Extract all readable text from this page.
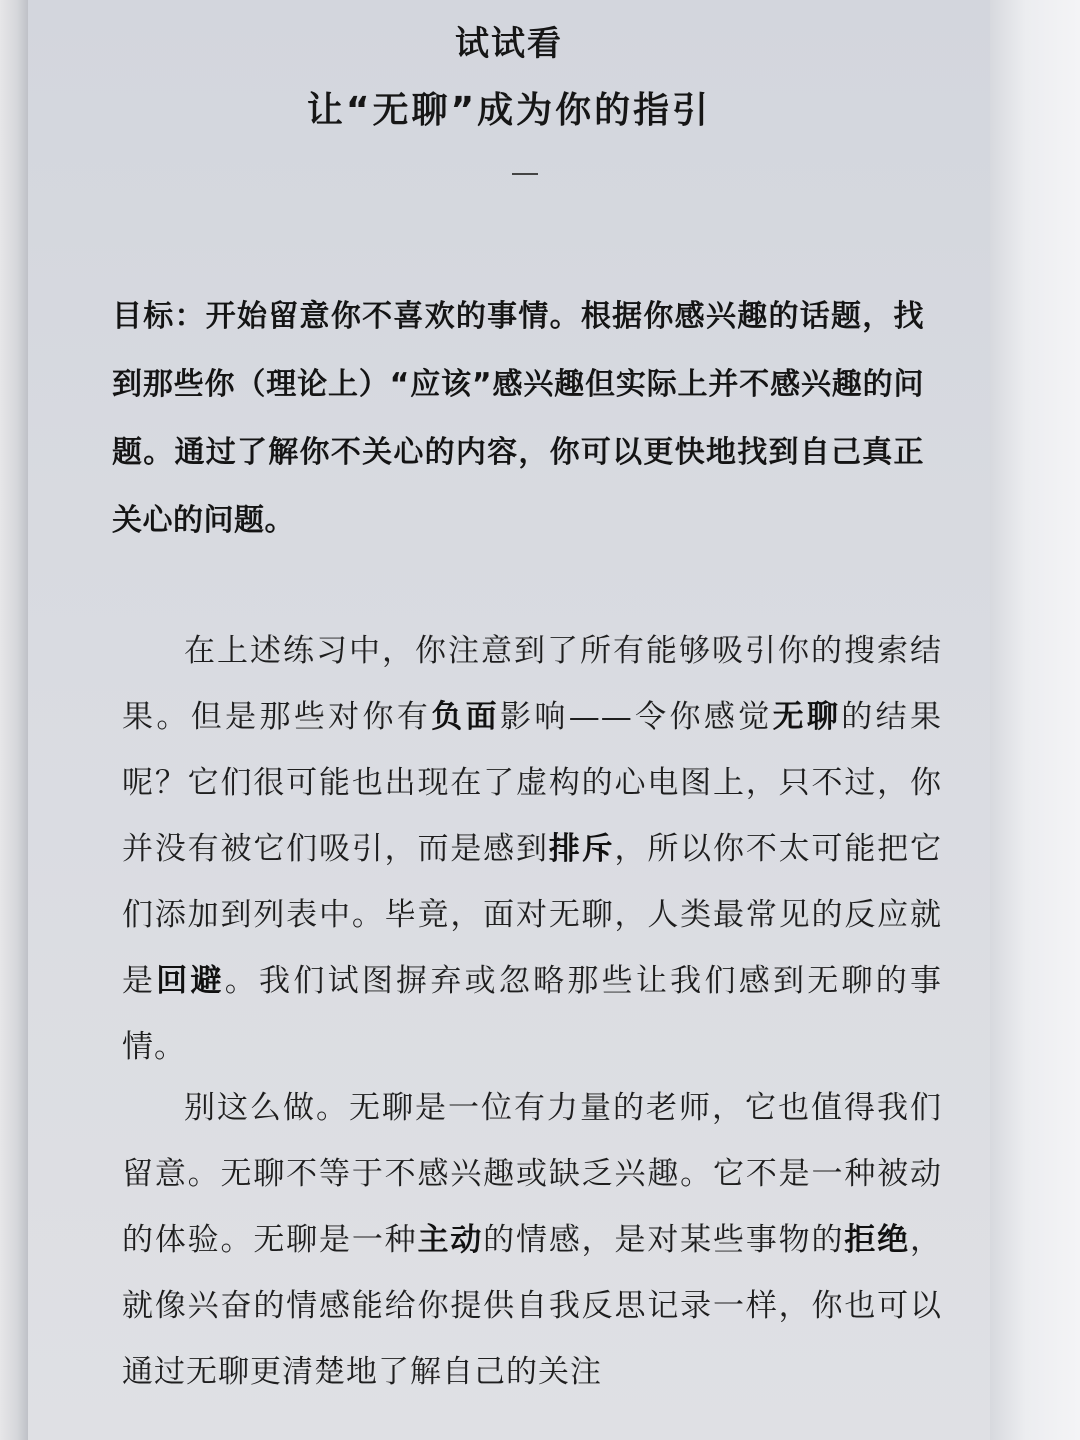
试试看
让“无聊”成为你的指引

目标：开始留意你不喜欢的事情。根据你感兴趣的话题，找到那些你（理论上）“应该”感兴趣但实际上并不感兴趣的问题。通过了解你不关心的内容，你可以更快地找到自己真正关心的问题。

在上述练习中，你注意到了所有能够吸引你的搜索结果。但是那些对你有负面影响——令你感觉无聊的结果呢？它们很可能也出现在了虚构的心电图上，只不过，你并没有被它们吸引，而是感到排斥，所以你不太可能把它们添加到列表中。毕竟，面对无聊，人类最常见的反应就是回避。我们试图摒弃或忽略那些让我们感到无聊的事情。

别这么做。无聊是一位有力量的老师，它也值得我们留意。无聊不等于不感兴趣或缺乏兴趣。它不是一种被动的体验。无聊是一种主动的情感，是对某些事物的拒绝，就像兴奋的情感能给你提供自我反思记录一样，你也可以通过无聊更清楚地了解自己的关注
